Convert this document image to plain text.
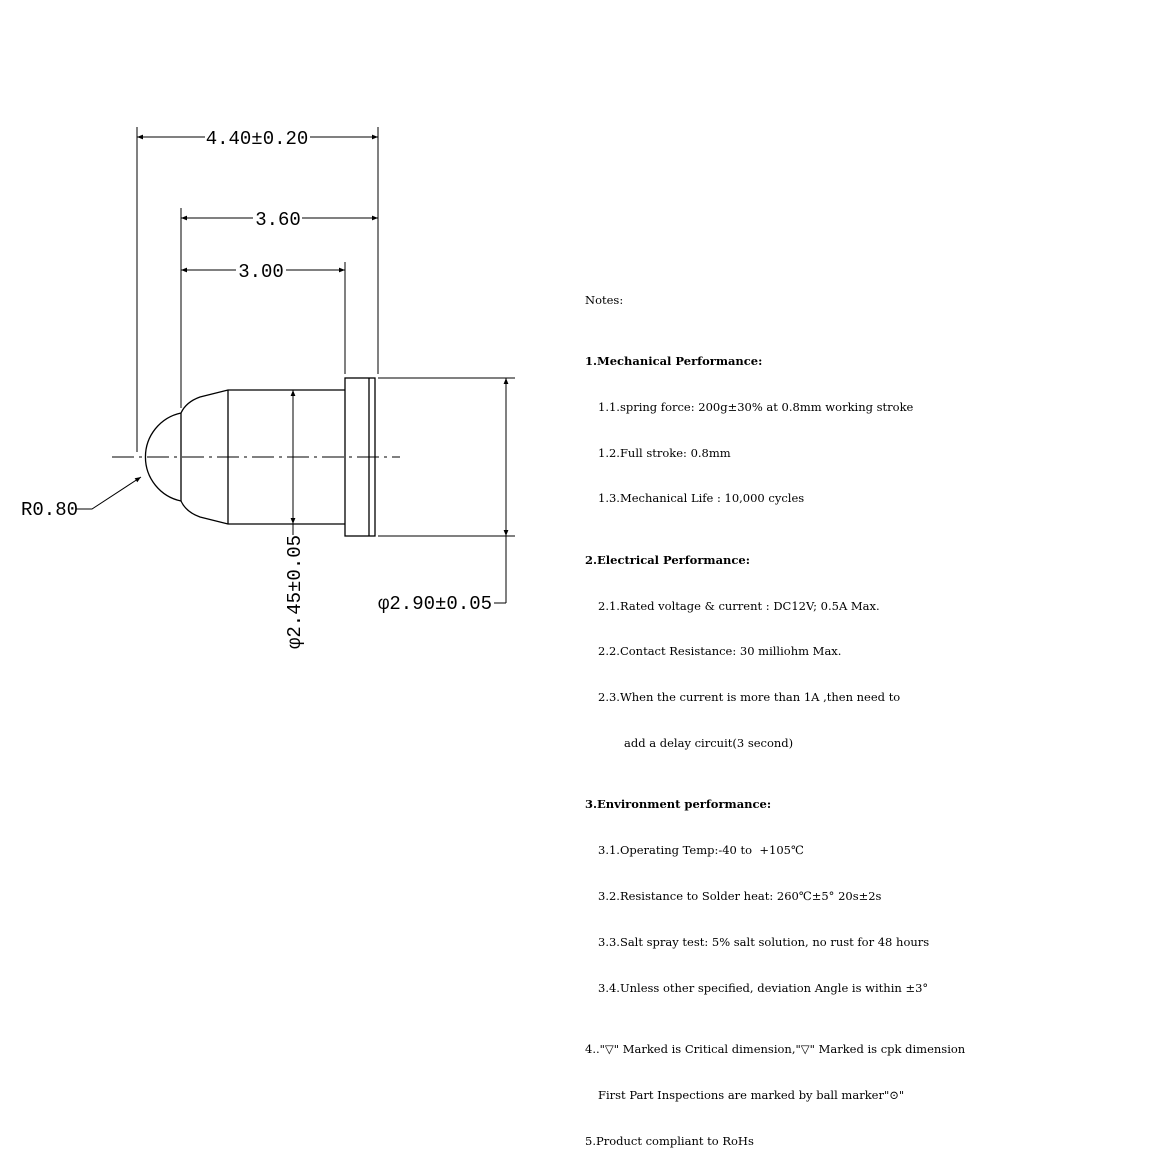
4.40±0.20
3.60
3.00
R0.80
φ2.90±0.05
φ2.45±0.05

Notes:

1.Mechanical Performance:

1.1.spring force: 200g±30% at 0.8mm working stroke

1.2.Full stroke: 0.8mm

1.3.Mechanical Life : 10,000 cycles

2.Electrical Performance:

2.1.Rated voltage & current : DC12V; 0.5A Max.

2.2.Contact Resistance: 30 milliohm Max.

2.3.When the current is more than 1A ,then need to

add a delay circuit(3 second)

3.Environment performance:

3.1.Operating Temp:-40 to  +105℃

3.2.Resistance to Solder heat: 260℃±5° 20s±2s

3.3.Salt spray test: 5% salt solution, no rust for 48 hours

3.4.Unless other specified, deviation Angle is within ±3°

4.."▽" Marked is Critical dimension,"▽" Marked is cpk dimension

First Part Inspections are marked by ball marker"⊙"

5.Product compliant to RoHs
